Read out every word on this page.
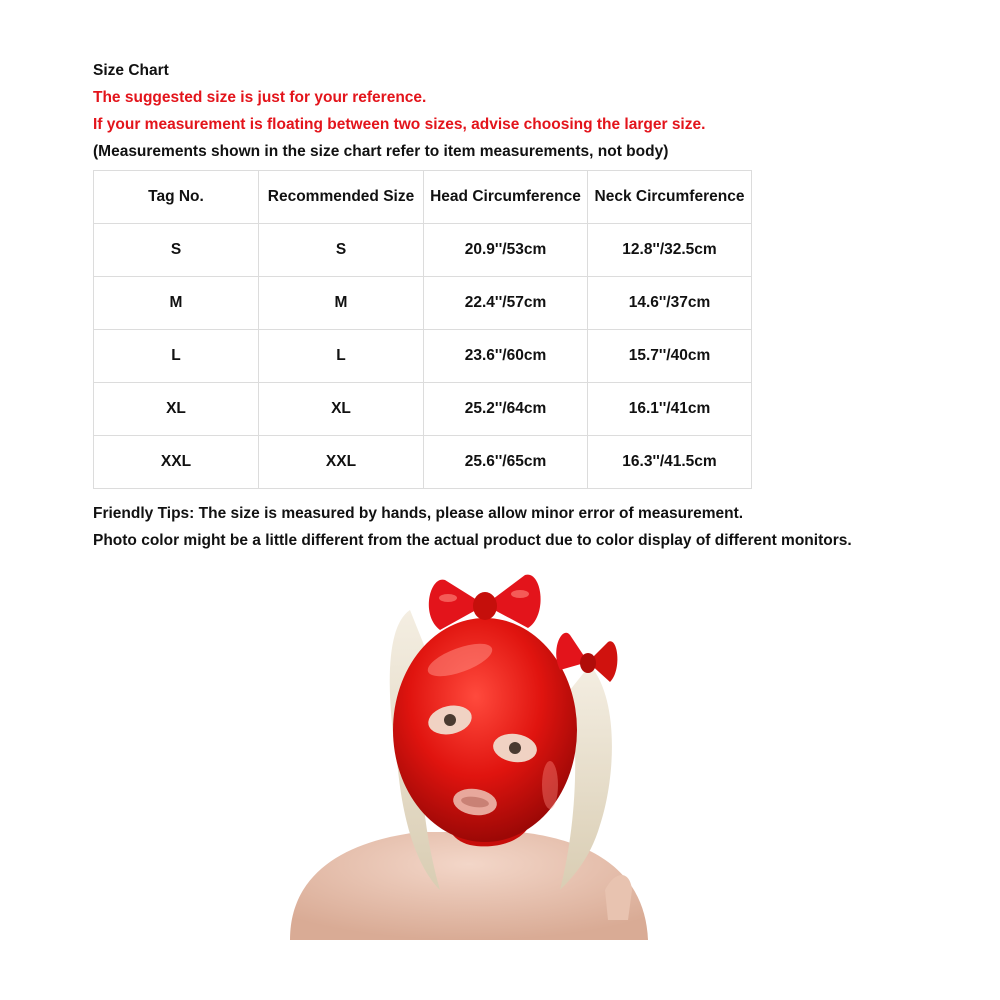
Size Chart
The suggested size is just for your reference.
If your measurement is floating between two sizes, advise choosing the larger size.
(Measurements shown in the size chart refer to item measurements, not body)
Tag No.	Recommended Size	Head Circumference	Neck Circumference
S	S	20.9''/53cm	12.8''/32.5cm
M	M	22.4''/57cm	14.6''/37cm
L	L	23.6''/60cm	15.7''/40cm
XL	XL	25.2''/64cm	16.1''/41cm
XXL	XXL	25.6''/65cm	16.3''/41.5cm
Friendly Tips: The size is measured by hands, please allow minor error of measurement.
Photo color might be a little different from the actual product due to color display of different monitors.
